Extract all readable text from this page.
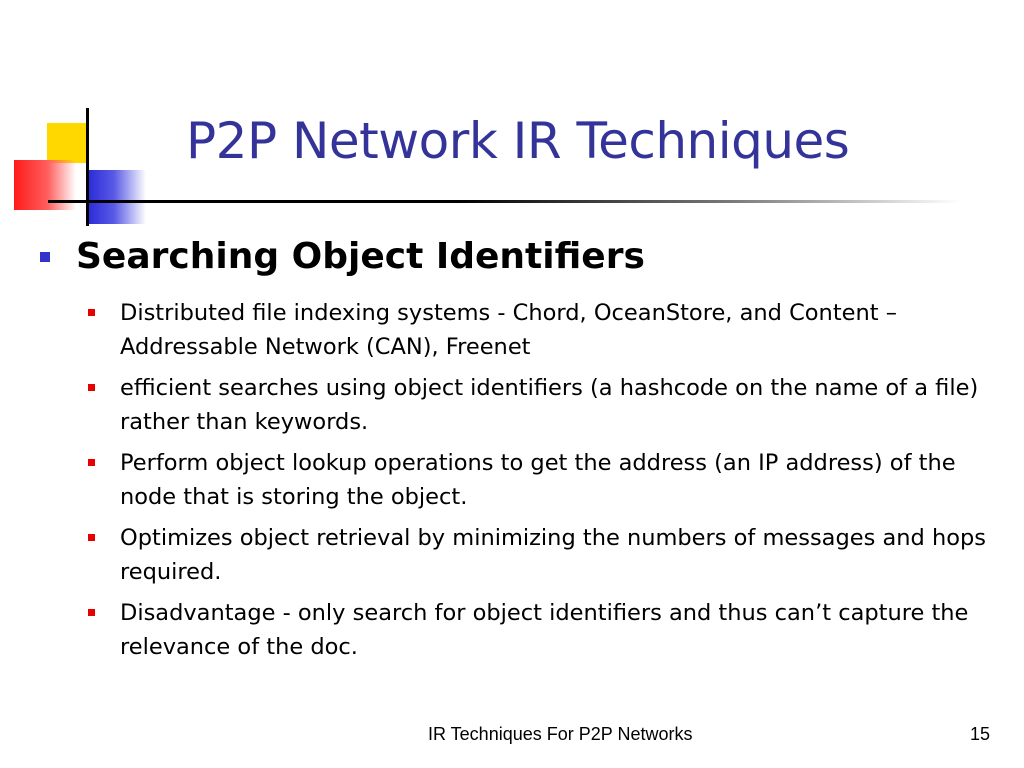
P2P Network IR Techniques
Searching Object Identifiers
Distributed file indexing systems - Chord, OceanStore, and Content –Addressable Network (CAN), Freenet
efficient searches using object identifiers (a hashcode on the name of a file) rather than keywords.
Perform object lookup operations to get the address (an IP address) of the node that is storing the object.
Optimizes object retrieval by minimizing the numbers of messages and hops required.
Disadvantage - only search for object identifiers and thus can’t capture the relevance of the doc.
IR Techniques For P2P Networks	15
